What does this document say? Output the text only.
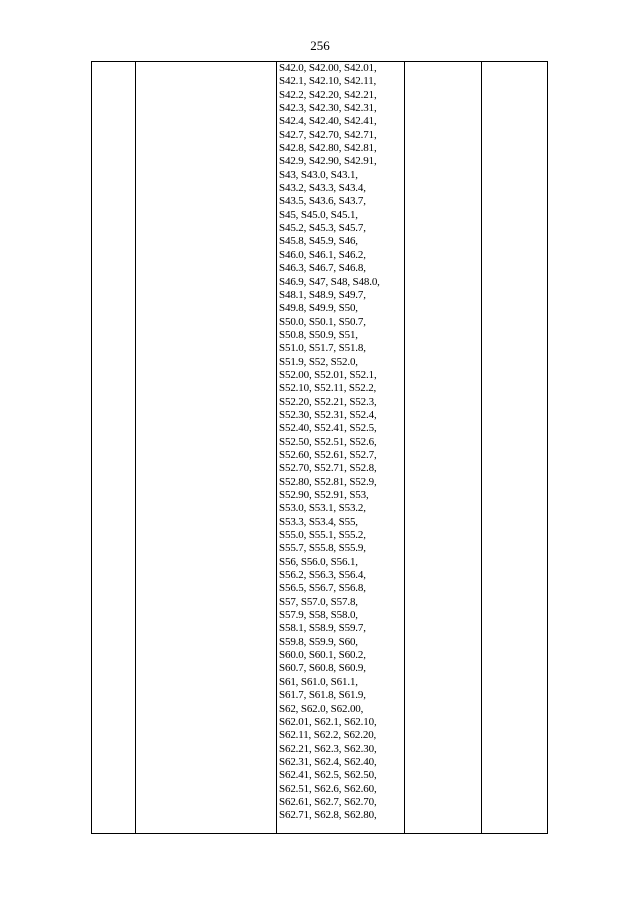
256
S42.0, S42.00, S42.01,
S42.1, S42.10, S42.11,
S42.2, S42.20, S42.21,
S42.3, S42.30, S42.31,
S42.4, S42.40, S42.41,
S42.7, S42.70, S42.71,
S42.8, S42.80, S42.81,
S42.9, S42.90, S42.91,
S43, S43.0, S43.1,
S43.2, S43.3, S43.4,
S43.5, S43.6, S43.7,
S45, S45.0, S45.1,
S45.2, S45.3, S45.7,
S45.8, S45.9, S46,
S46.0, S46.1, S46.2,
S46.3, S46.7, S46.8,
S46.9, S47, S48, S48.0,
S48.1, S48.9, S49.7,
S49.8, S49.9, S50,
S50.0, S50.1, S50.7,
S50.8, S50.9, S51,
S51.0, S51.7, S51.8,
S51.9, S52, S52.0,
S52.00, S52.01, S52.1,
S52.10, S52.11, S52.2,
S52.20, S52.21, S52.3,
S52.30, S52.31, S52.4,
S52.40, S52.41, S52.5,
S52.50, S52.51, S52.6,
S52.60, S52.61, S52.7,
S52.70, S52.71, S52.8,
S52.80, S52.81, S52.9,
S52.90, S52.91, S53,
S53.0, S53.1, S53.2,
S53.3, S53.4, S55,
S55.0, S55.1, S55.2,
S55.7, S55.8, S55.9,
S56, S56.0, S56.1,
S56.2, S56.3, S56.4,
S56.5, S56.7, S56.8,
S57, S57.0, S57.8,
S57.9, S58, S58.0,
S58.1, S58.9, S59.7,
S59.8, S59.9, S60,
S60.0, S60.1, S60.2,
S60.7, S60.8, S60.9,
S61, S61.0, S61.1,
S61.7, S61.8, S61.9,
S62, S62.0, S62.00,
S62.01, S62.1, S62.10,
S62.11, S62.2, S62.20,
S62.21, S62.3, S62.30,
S62.31, S62.4, S62.40,
S62.41, S62.5, S62.50,
S62.51, S62.6, S62.60,
S62.61, S62.7, S62.70,
S62.71, S62.8, S62.80,
